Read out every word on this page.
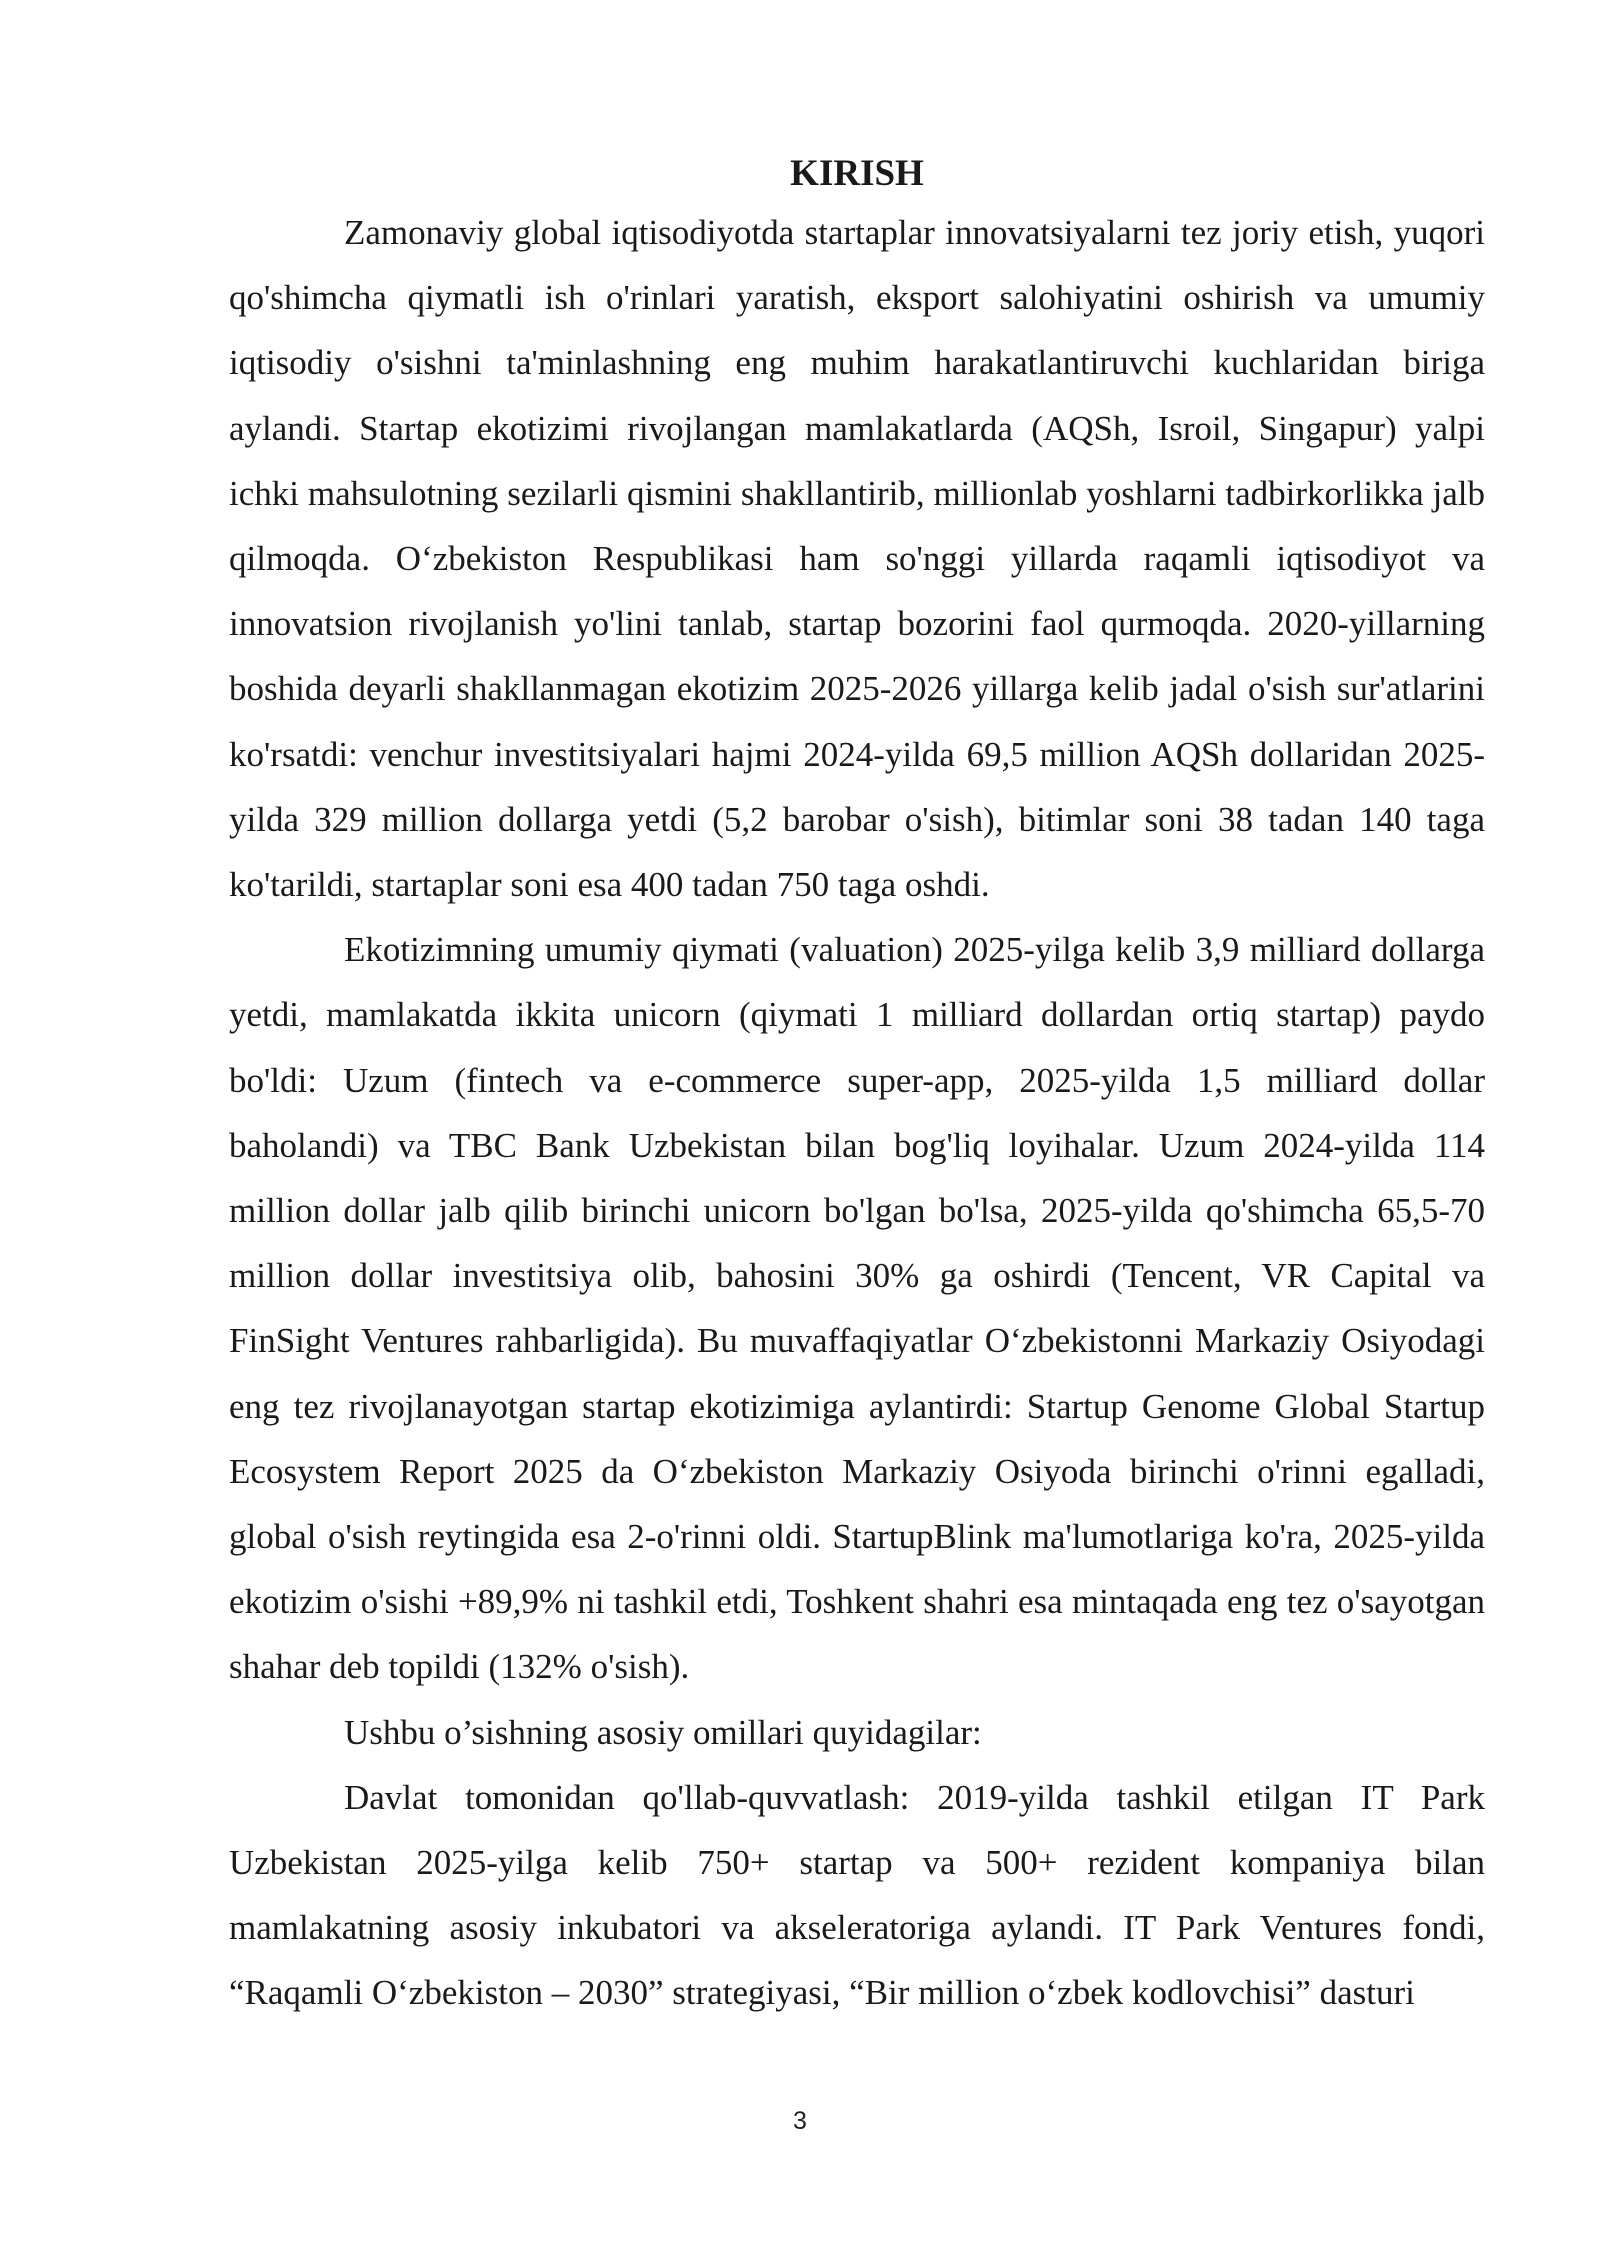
KIRISH

Zamonaviy global iqtisodiyotda startaplar innovatsiyalarni tez joriy etish, yuqori qo'shimcha qiymatli ish o'rinlari yaratish, eksport salohiyatini oshirish va umumiy iqtisodiy o'sishni ta'minlashning eng muhim harakatlantiruvchi kuchlaridan biriga aylandi. Startap ekotizimi rivojlangan mamlakatlarda (AQSh, Isroil, Singapur) yalpi ichki mahsulotning sezilarli qismini shakllantirib, millionlab yoshlarni tadbirkorlikka jalb qilmoqda. O‘zbekiston Respublikasi ham so'nggi yillarda raqamli iqtisodiyot va innovatsion rivojlanish yo'lini tanlab, startap bozorini faol qurmoqda. 2020-yillarning boshida deyarli shakllanmagan ekotizim 2025-2026 yillarga kelib jadal o'sish sur'atlarini ko'rsatdi: venchur investitsiyalari hajmi 2024-yilda 69,5 million AQSh dollaridan 2025-yilda 329 million dollarga yetdi (5,2 barobar o'sish), bitimlar soni 38 tadan 140 taga ko'tarildi, startaplar soni esa 400 tadan 750 taga oshdi.

Ekotizimning umumiy qiymati (valuation) 2025-yilga kelib 3,9 milliard dollarga yetdi, mamlakatda ikkita unicorn (qiymati 1 milliard dollardan ortiq startap) paydo bo'ldi: Uzum (fintech va e-commerce super-app, 2025-yilda 1,5 milliard dollar baholandi) va TBC Bank Uzbekistan bilan bog'liq loyihalar. Uzum 2024-yilda 114 million dollar jalb qilib birinchi unicorn bo'lgan bo'lsa, 2025-yilda qo'shimcha 65,5-70 million dollar investitsiya olib, bahosini 30% ga oshirdi (Tencent, VR Capital va FinSight Ventures rahbarligida). Bu muvaffaqiyatlar O‘zbekistonni Markaziy Osiyodagi eng tez rivojlanayotgan startap ekotizimiga aylantirdi: Startup Genome Global Startup Ecosystem Report 2025 da O‘zbekiston Markaziy Osiyoda birinchi o'rinni egalladi, global o'sish reytingida esa 2-o'rinni oldi. StartupBlink ma'lumotlariga ko'ra, 2025-yilda ekotizim o'sishi +89,9% ni tashkil etdi, Toshkent shahri esa mintaqada eng tez o'sayotgan shahar deb topildi (132% o'sish).

Ushbu o’sishning asosiy omillari quyidagilar:

Davlat tomonidan qo'llab-quvvatlash: 2019-yilda tashkil etilgan IT Park Uzbekistan 2025-yilga kelib 750+ startap va 500+ rezident kompaniya bilan mamlakatning asosiy inkubatori va akseleratoriga aylandi. IT Park Ventures fondi, “Raqamli O‘zbekiston – 2030” strategiyasi, “Bir million o‘zbek kodlovchisi” dasturi

3
